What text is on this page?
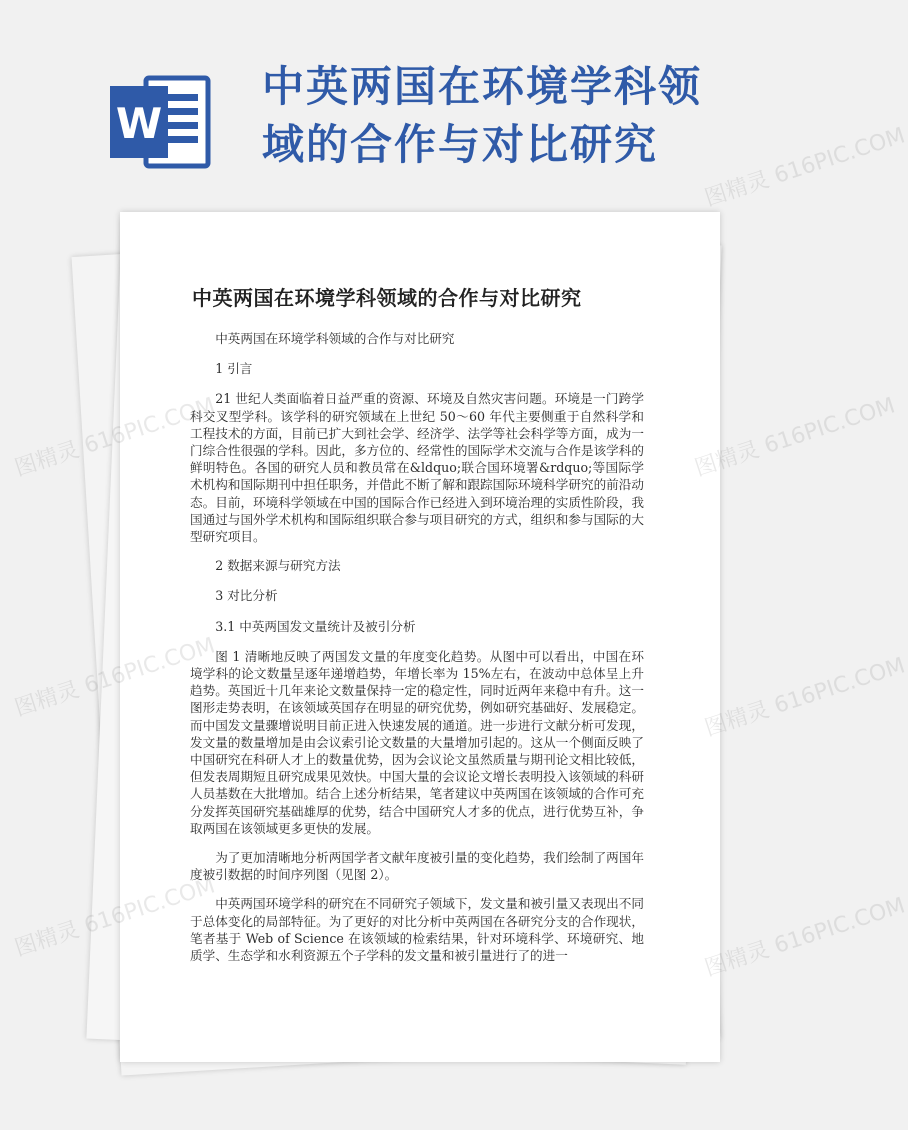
W
中英两国在环境学科领
域的合作与对比研究
中英两国在环境学科领域的合作与对比研究

中英两国在环境学科领域的合作与对比研究

1 引言

21 世纪人类面临着日益严重的资源、环境及自然灾害问题。环境是一门跨学科交叉型学科。该学科的研究领域在上世纪 50～60 年代主要侧重于自然科学和工程技术的方面，目前已扩大到社会学、经济学、法学等社会科学等方面，成为一门综合性很强的学科。因此，多方位的、经常性的国际学术交流与合作是该学科的鲜明特色。各国的研究人员和教员常在&ldquo;联合国环境署&rdquo;等国际学术机构和国际期刊中担任职务，并借此不断了解和跟踪国际环境科学研究的前沿动态。目前，环境科学领域在中国的国际合作已经进入到环境治理的实质性阶段，我国通过与国外学术机构和国际组织联合参与项目研究的方式，组织和参与国际的大型研究项目。

2 数据来源与研究方法

3 对比分析

3.1 中英两国发文量统计及被引分析

图 1 清晰地反映了两国发文量的年度变化趋势。从图中可以看出，中国在环境学科的论文数量呈逐年递增趋势，年增长率为 15%左右，在波动中总体呈上升趋势。英国近十几年来论文数量保持一定的稳定性，同时近两年来稳中有升。这一图形走势表明，在该领域英国存在明显的研究优势，例如研究基础好、发展稳定。而中国发文量骤增说明目前正进入快速发展的通道。进一步进行文献分析可发现，发文量的数量增加是由会议索引论文数量的大量增加引起的。这从一个侧面反映了中国研究在科研人才上的数量优势，因为会议论文虽然质量与期刊论文相比较低，但发表周期短且研究成果见效快。中国大量的会议论文增长表明投入该领域的科研人员基数在大批增加。结合上述分析结果，笔者建议中英两国在该领域的合作可充分发挥英国研究基础雄厚的优势，结合中国研究人才多的优点，进行优势互补，争取两国在该领域更多更快的发展。

为了更加清晰地分析两国学者文献年度被引量的变化趋势，我们绘制了两国年度被引数据的时间序列图（见图 2）。

中英两国环境学科的研究在不同研究子领域下，发文量和被引量又表现出不同于总体变化的局部特征。为了更好的对比分析中英两国在各研究分支的合作现状，笔者基于 Web of Science 在该领域的检索结果，针对环境科学、环境研究、地质学、生态学和水利资源五个子学科的发文量和被引量进行了的进一

图精灵 616PIC.COM
图精灵	图精灵 616PIC.COM
图精灵	图精灵 616PIC.COM
图精灵	图精灵 616PIC.COM
